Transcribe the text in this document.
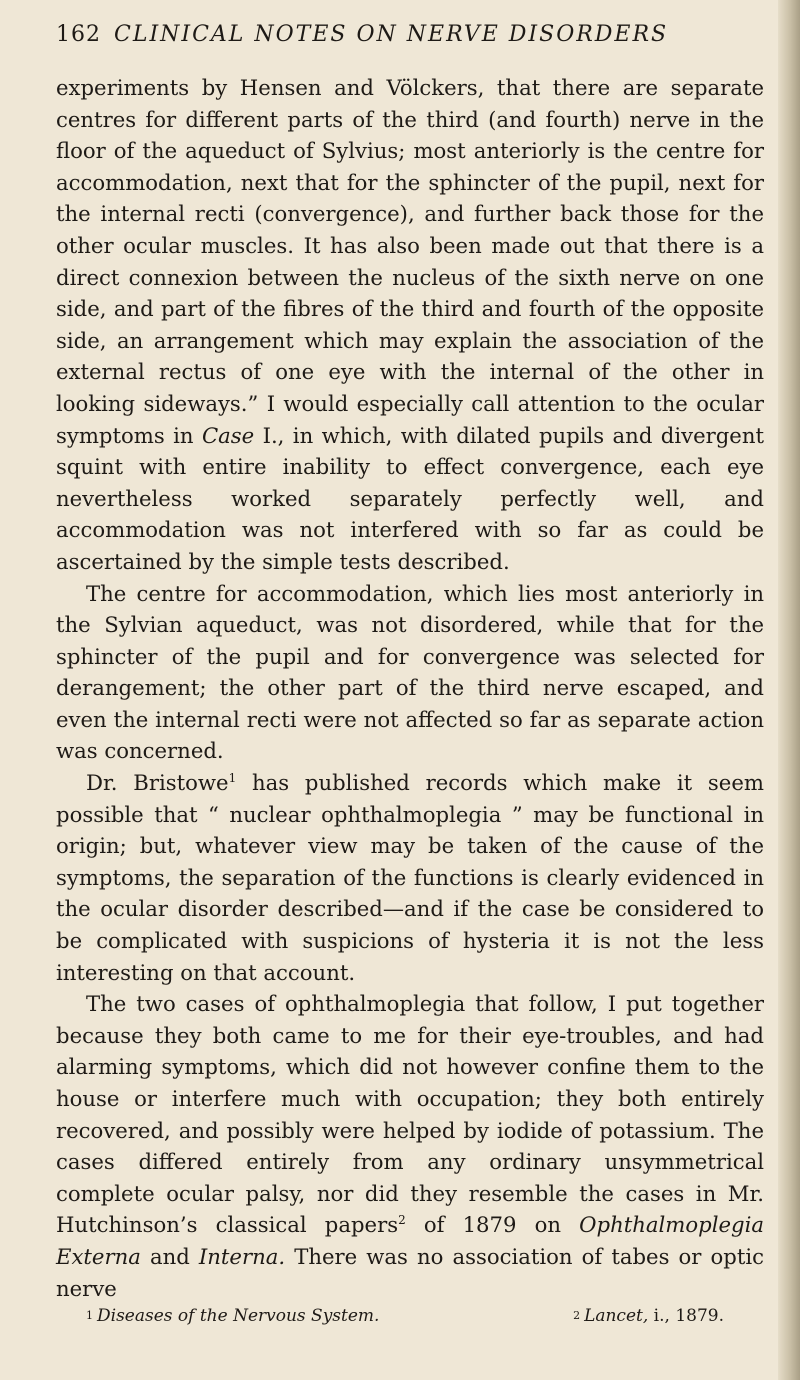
162 CLINICAL NOTES ON NERVE DISORDERS

experiments by Hensen and Völckers, that there are separate centres for different parts of the third (and fourth) nerve in the floor of the aqueduct of Sylvius; most anteriorly is the centre for accommodation, next that for the sphincter of the pupil, next for the internal recti (convergence), and further back those for the other ocular muscles. It has also been made out that there is a direct connexion between the nucleus of the sixth nerve on one side, and part of the fibres of the third and fourth of the opposite side, an arrangement which may explain the association of the external rectus of one eye with the internal of the other in looking sideways.” I would especially call attention to the ocular symptoms in Case I., in which, with dilated pupils and divergent squint with entire inability to effect convergence, each eye nevertheless worked separately perfectly well, and accommodation was not interfered with so far as could be ascertained by the simple tests described.

The centre for accommodation, which lies most anteriorly in the Sylvian aqueduct, was not disordered, while that for the sphincter of the pupil and for convergence was selected for derangement; the other part of the third nerve escaped, and even the internal recti were not affected so far as separate action was concerned.

Dr. Bristowe$^1$ has published records which make it seem possible that “ nuclear ophthalmoplegia ” may be functional in origin; but, whatever view may be taken of the cause of the symptoms, the separation of the functions is clearly evidenced in the ocular disorder described—and if the case be considered to be complicated with suspicions of hysteria it is not the less interesting on that account.

The two cases of ophthalmoplegia that follow, I put together because they both came to me for their eye-troubles, and had alarming symptoms, which did not however confine them to the house or interfere much with occupation; they both entirely recovered, and possibly were helped by iodide of potassium. The cases differed entirely from any ordinary unsymmetrical complete ocular palsy, nor did they resemble the cases in Mr. Hutchinson’s classical papers$^2$ of 1879 on Ophthalmoplegia Externa and Interna. There was no association of tabes or optic nerve

$^1$ Diseases of the Nervous System.	$^2$ Lancet, i., 1879.
